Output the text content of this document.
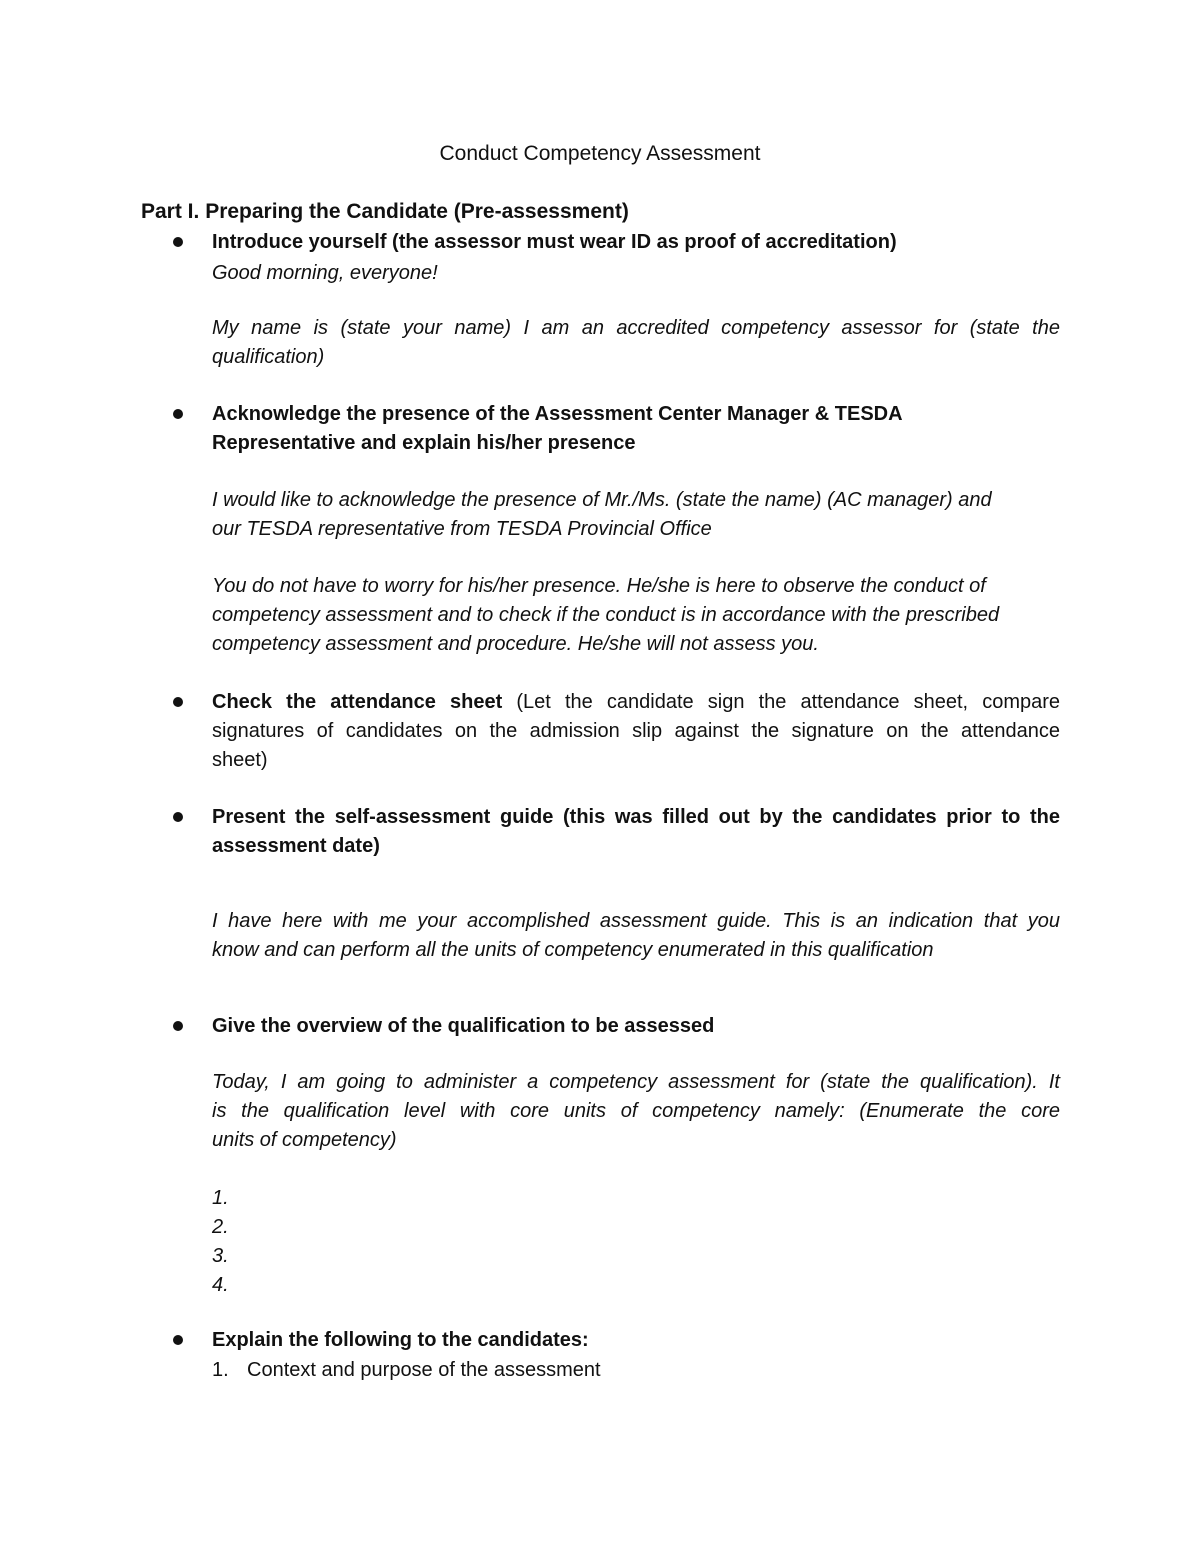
Conduct Competency Assessment
Part I. Preparing the Candidate (Pre-assessment)

Introduce yourself (the assessor must wear ID as proof of accreditation)

Good morning, everyone!

My name is (state your name) I am an accredited competency assessor for (state the

qualification)

Acknowledge the presence of the Assessment Center Manager & TESDA

Representative and explain his/her presence

I would like to acknowledge the presence of Mr./Ms. (state the name) (AC manager) and

our TESDA representative from TESDA Provincial Office

You do not have to worry for his/her presence. He/she is here to observe the conduct of

competency assessment and to check if the conduct is in accordance with the prescribed

competency assessment and procedure. He/she will not assess you.

Check the attendance sheet (Let the candidate sign the attendance sheet, compare

signatures of candidates on the admission slip against the signature on the attendance

sheet)

Present the self-assessment guide (this was filled out by the candidates prior to the

assessment date)

I have here with me your accomplished assessment guide. This is an indication that you

know and can perform all the units of competency enumerated in this qualification

Give the overview of the qualification to be assessed

Today, I am going to administer a competency assessment for (state the qualification). It

is the qualification level with core units of competency namely: (Enumerate the core

units of competency)

1.

2.

3.

4.

Explain the following to the candidates:

1. Context and purpose of the assessment
